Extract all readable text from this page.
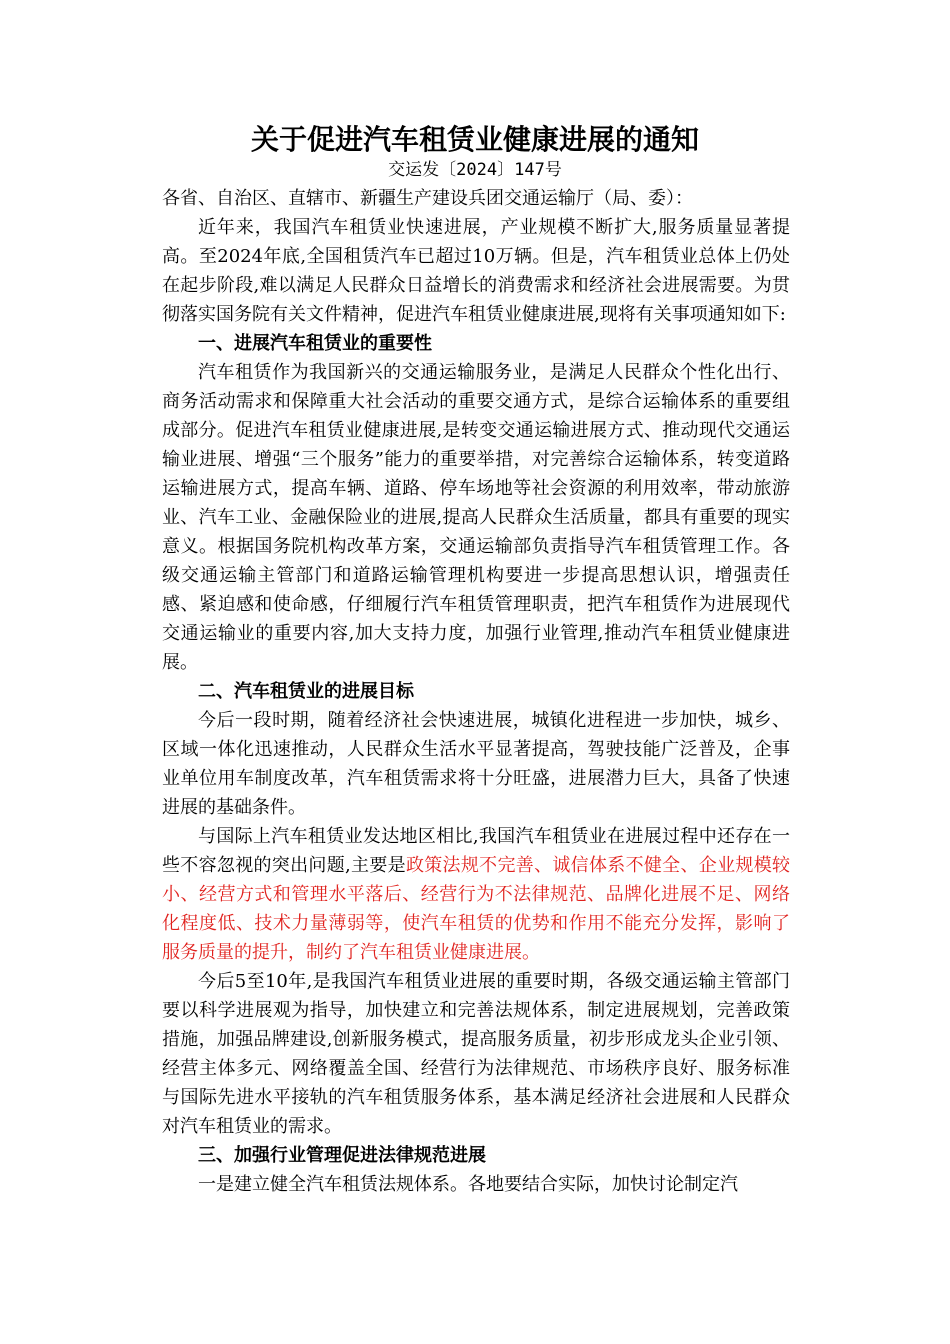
关于促进汽车租赁业健康进展的通知
交运发〔2024〕147号

各省、自治区、直辖市、新疆生产建设兵团交通运输厅（局、委）：

近年来，我国汽车租赁业快速进展，产业规模不断扩大,服务质量显著提高。至2024年底,全国租赁汽车已超过10万辆。但是，汽车租赁业总体上仍处在起步阶段,难以满足人民群众日益增长的消费需求和经济社会进展需要。为贯彻落实国务院有关文件精神，促进汽车租赁业健康进展,现将有关事项通知如下:

一、进展汽车租赁业的重要性

汽车租赁作为我国新兴的交通运输服务业，是满足人民群众个性化出行、商务活动需求和保障重大社会活动的重要交通方式，是综合运输体系的重要组成部分。促进汽车租赁业健康进展,是转变交通运输进展方式、推动现代交通运输业进展、增强“三个服务”能力的重要举措，对完善综合运输体系，转变道路运输进展方式，提高车辆、道路、停车场地等社会资源的利用效率，带动旅游业、汽车工业、金融保险业的进展,提高人民群众生活质量，都具有重要的现实意义。根据国务院机构改革方案，交通运输部负责指导汽车租赁管理工作。各级交通运输主管部门和道路运输管理机构要进一步提高思想认识，增强责任感、紧迫感和使命感，仔细履行汽车租赁管理职责，把汽车租赁作为进展现代交通运输业的重要内容,加大支持力度，加强行业管理,推动汽车租赁业健康进展。

二、汽车租赁业的进展目标

今后一段时期，随着经济社会快速进展，城镇化进程进一步加快，城乡、区域一体化迅速推动，人民群众生活水平显著提高，驾驶技能广泛普及，企事业单位用车制度改革，汽车租赁需求将十分旺盛，进展潜力巨大，具备了快速进展的基础条件。

与国际上汽车租赁业发达地区相比,我国汽车租赁业在进展过程中还存在一些不容忽视的突出问题,主要是政策法规不完善、诚信体系不健全、企业规模较小、经营方式和管理水平落后、经营行为不法律规范、品牌化进展不足、网络化程度低、技术力量薄弱等，使汽车租赁的优势和作用不能充分发挥，影响了服务质量的提升，制约了汽车租赁业健康进展。

今后5至10年,是我国汽车租赁业进展的重要时期，各级交通运输主管部门要以科学进展观为指导，加快建立和完善法规体系，制定进展规划，完善政策措施，加强品牌建设,创新服务模式，提高服务质量，初步形成龙头企业引领、经营主体多元、网络覆盖全国、经营行为法律规范、市场秩序良好、服务标准与国际先进水平接轨的汽车租赁服务体系，基本满足经济社会进展和人民群众对汽车租赁业的需求。

三、加强行业管理促进法律规范进展

一是建立健全汽车租赁法规体系。各地要结合实际，加快讨论制定汽
